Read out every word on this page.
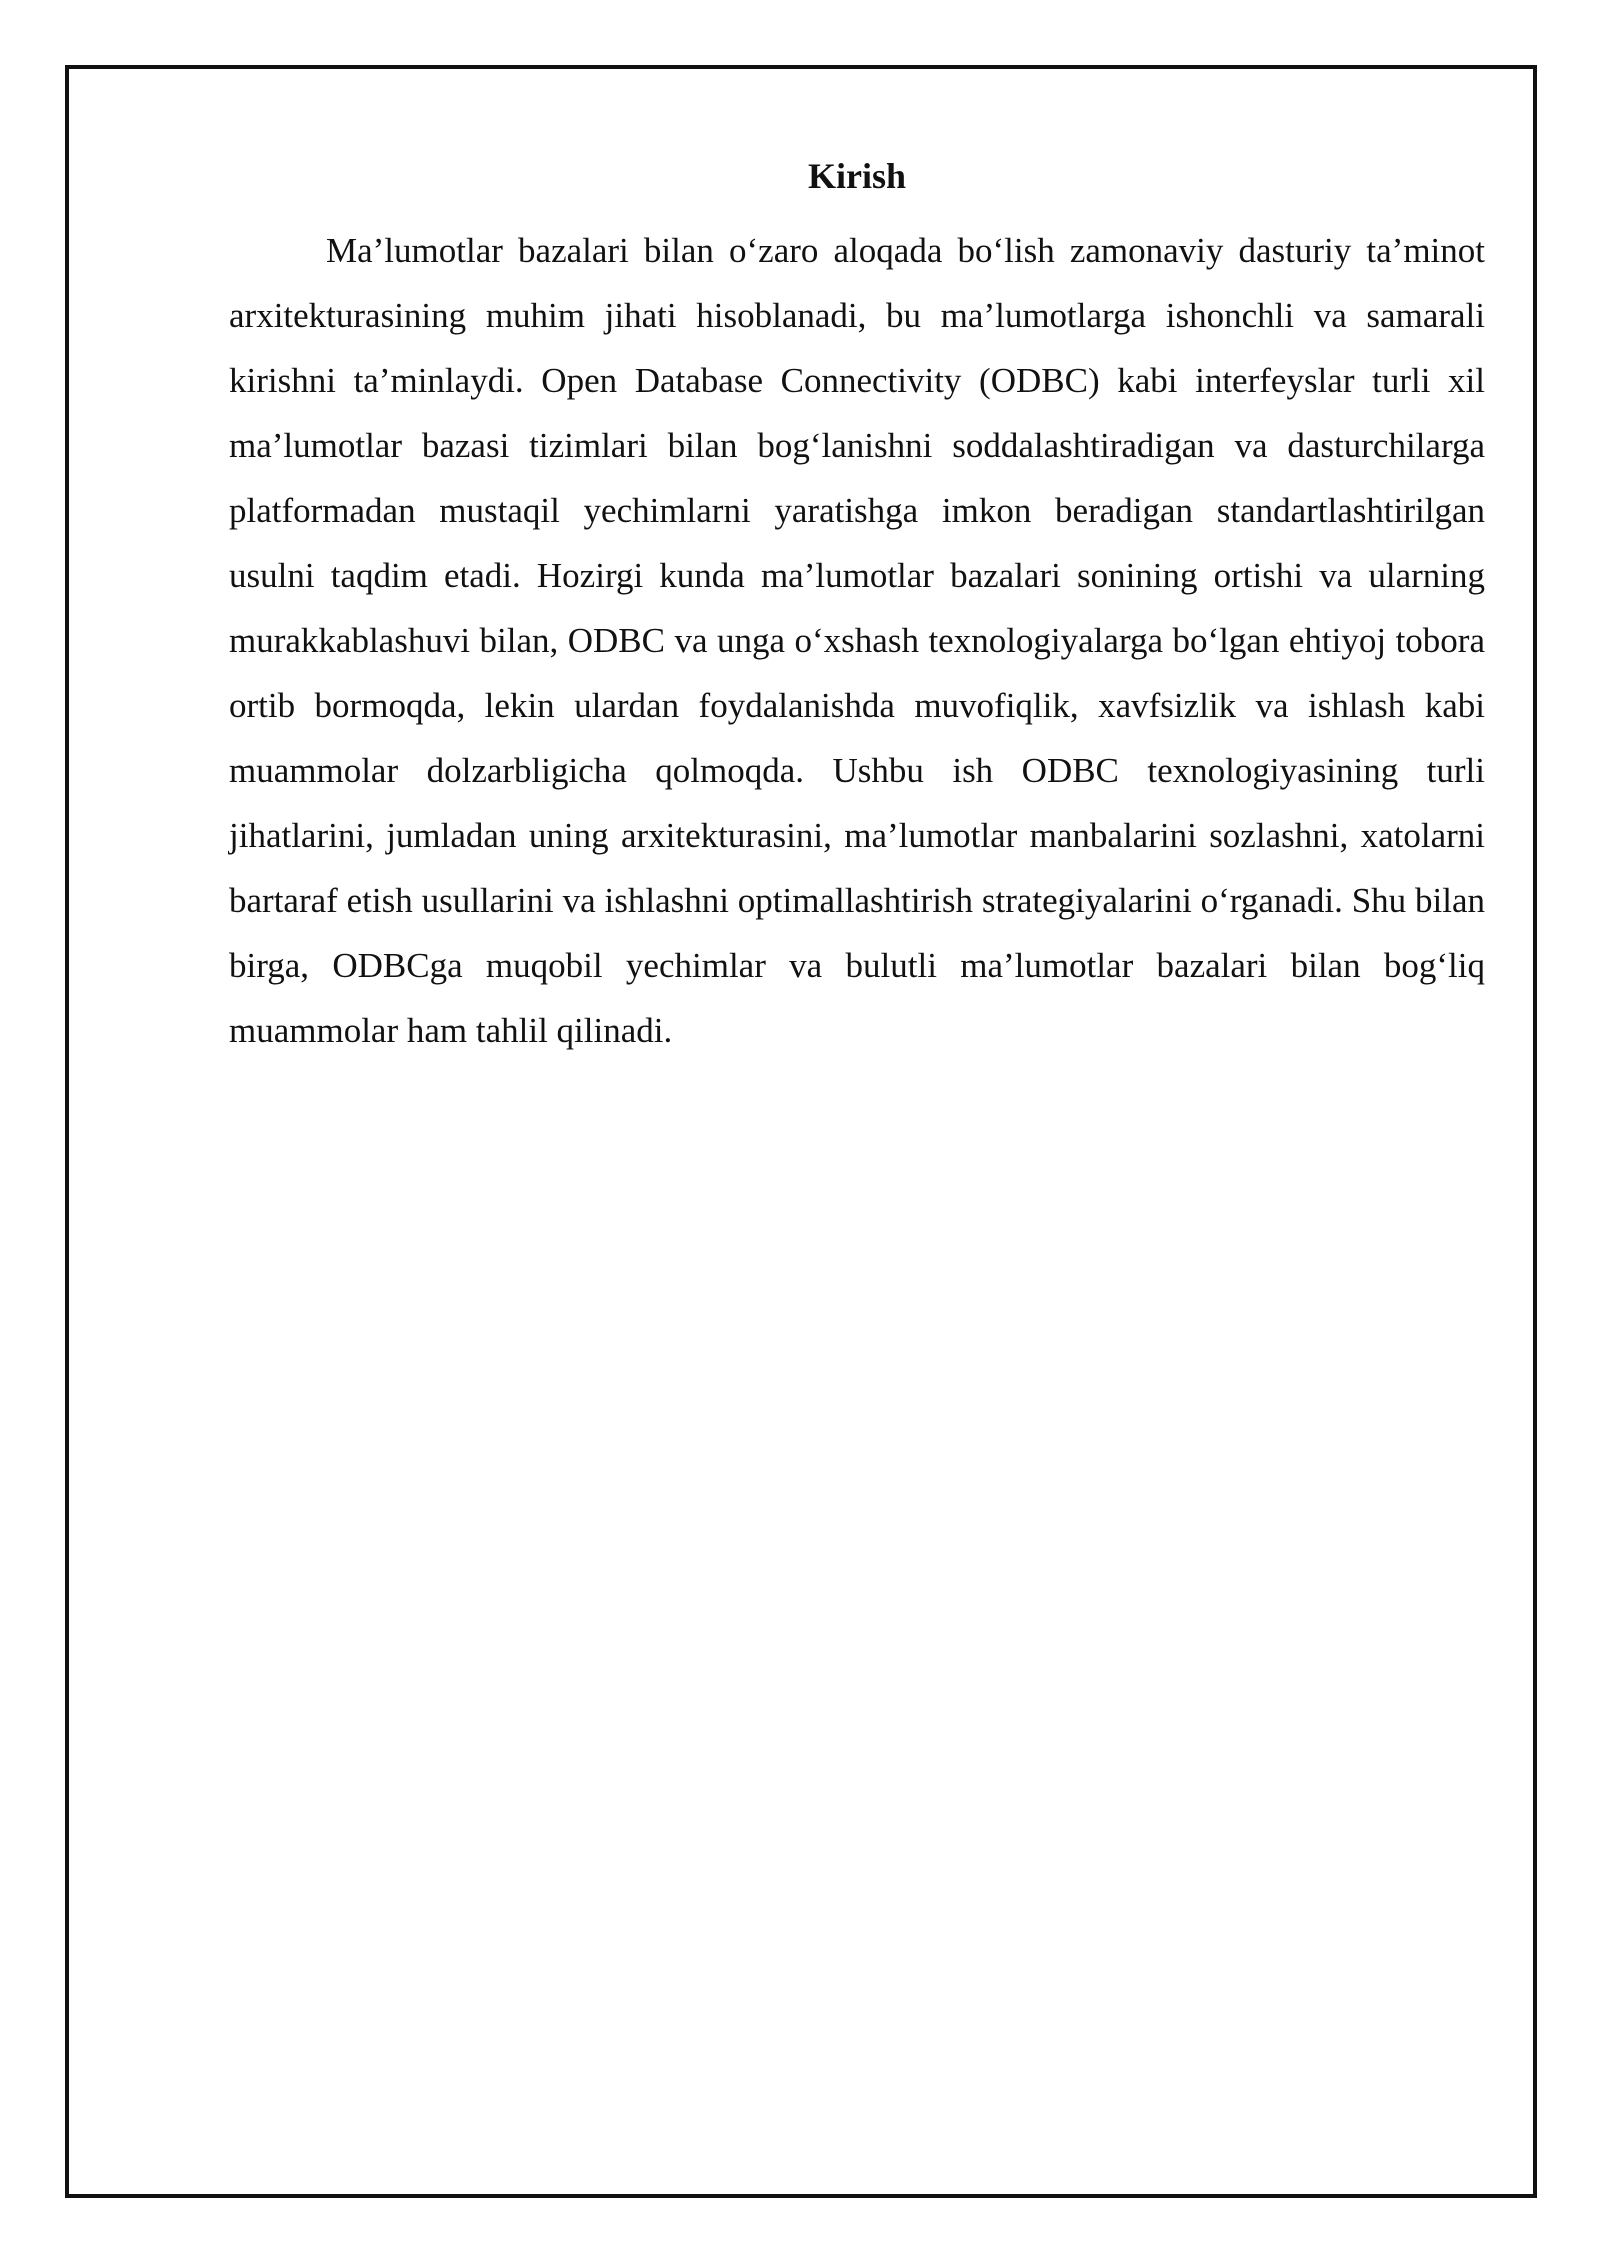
Kirish

Ma’lumotlar bazalari bilan o‘zaro aloqada bo‘lish zamonaviy dasturiy ta’minot arxitekturasining muhim jihati hisoblanadi, bu ma’lumotlarga ishonchli va samarali kirishni ta’minlaydi. Open Database Connectivity (ODBC) kabi interfeyslar turli xil ma’lumotlar bazasi tizimlari bilan bog‘lanishni soddalashtiradigan va dasturchilarga platformadan mustaqil yechimlarni yaratishga imkon beradigan standartlashtirilgan usulni taqdim etadi. Hozirgi kunda ma’lumotlar bazalari sonining ortishi va ularning murakkablashuvi bilan, ODBC va unga o‘xshash texnologiyalarga bo‘lgan ehtiyoj tobora ortib bormoqda, lekin ulardan foydalanishda muvofiqlik, xavfsizlik va ishlash kabi muammolar dolzarbligicha qolmoqda. Ushbu ish ODBC texnologiyasining turli jihatlarini, jumladan uning arxitekturasini, ma’lumotlar manbalarini sozlashni, xatolarni bartaraf etish usullarini va ishlashni optimallashtirish strategiyalarini o‘rganadi. Shu bilan birga, ODBCga muqobil yechimlar va bulutli ma’lumotlar bazalari bilan bog‘liq muammolar ham tahlil qilinadi.
